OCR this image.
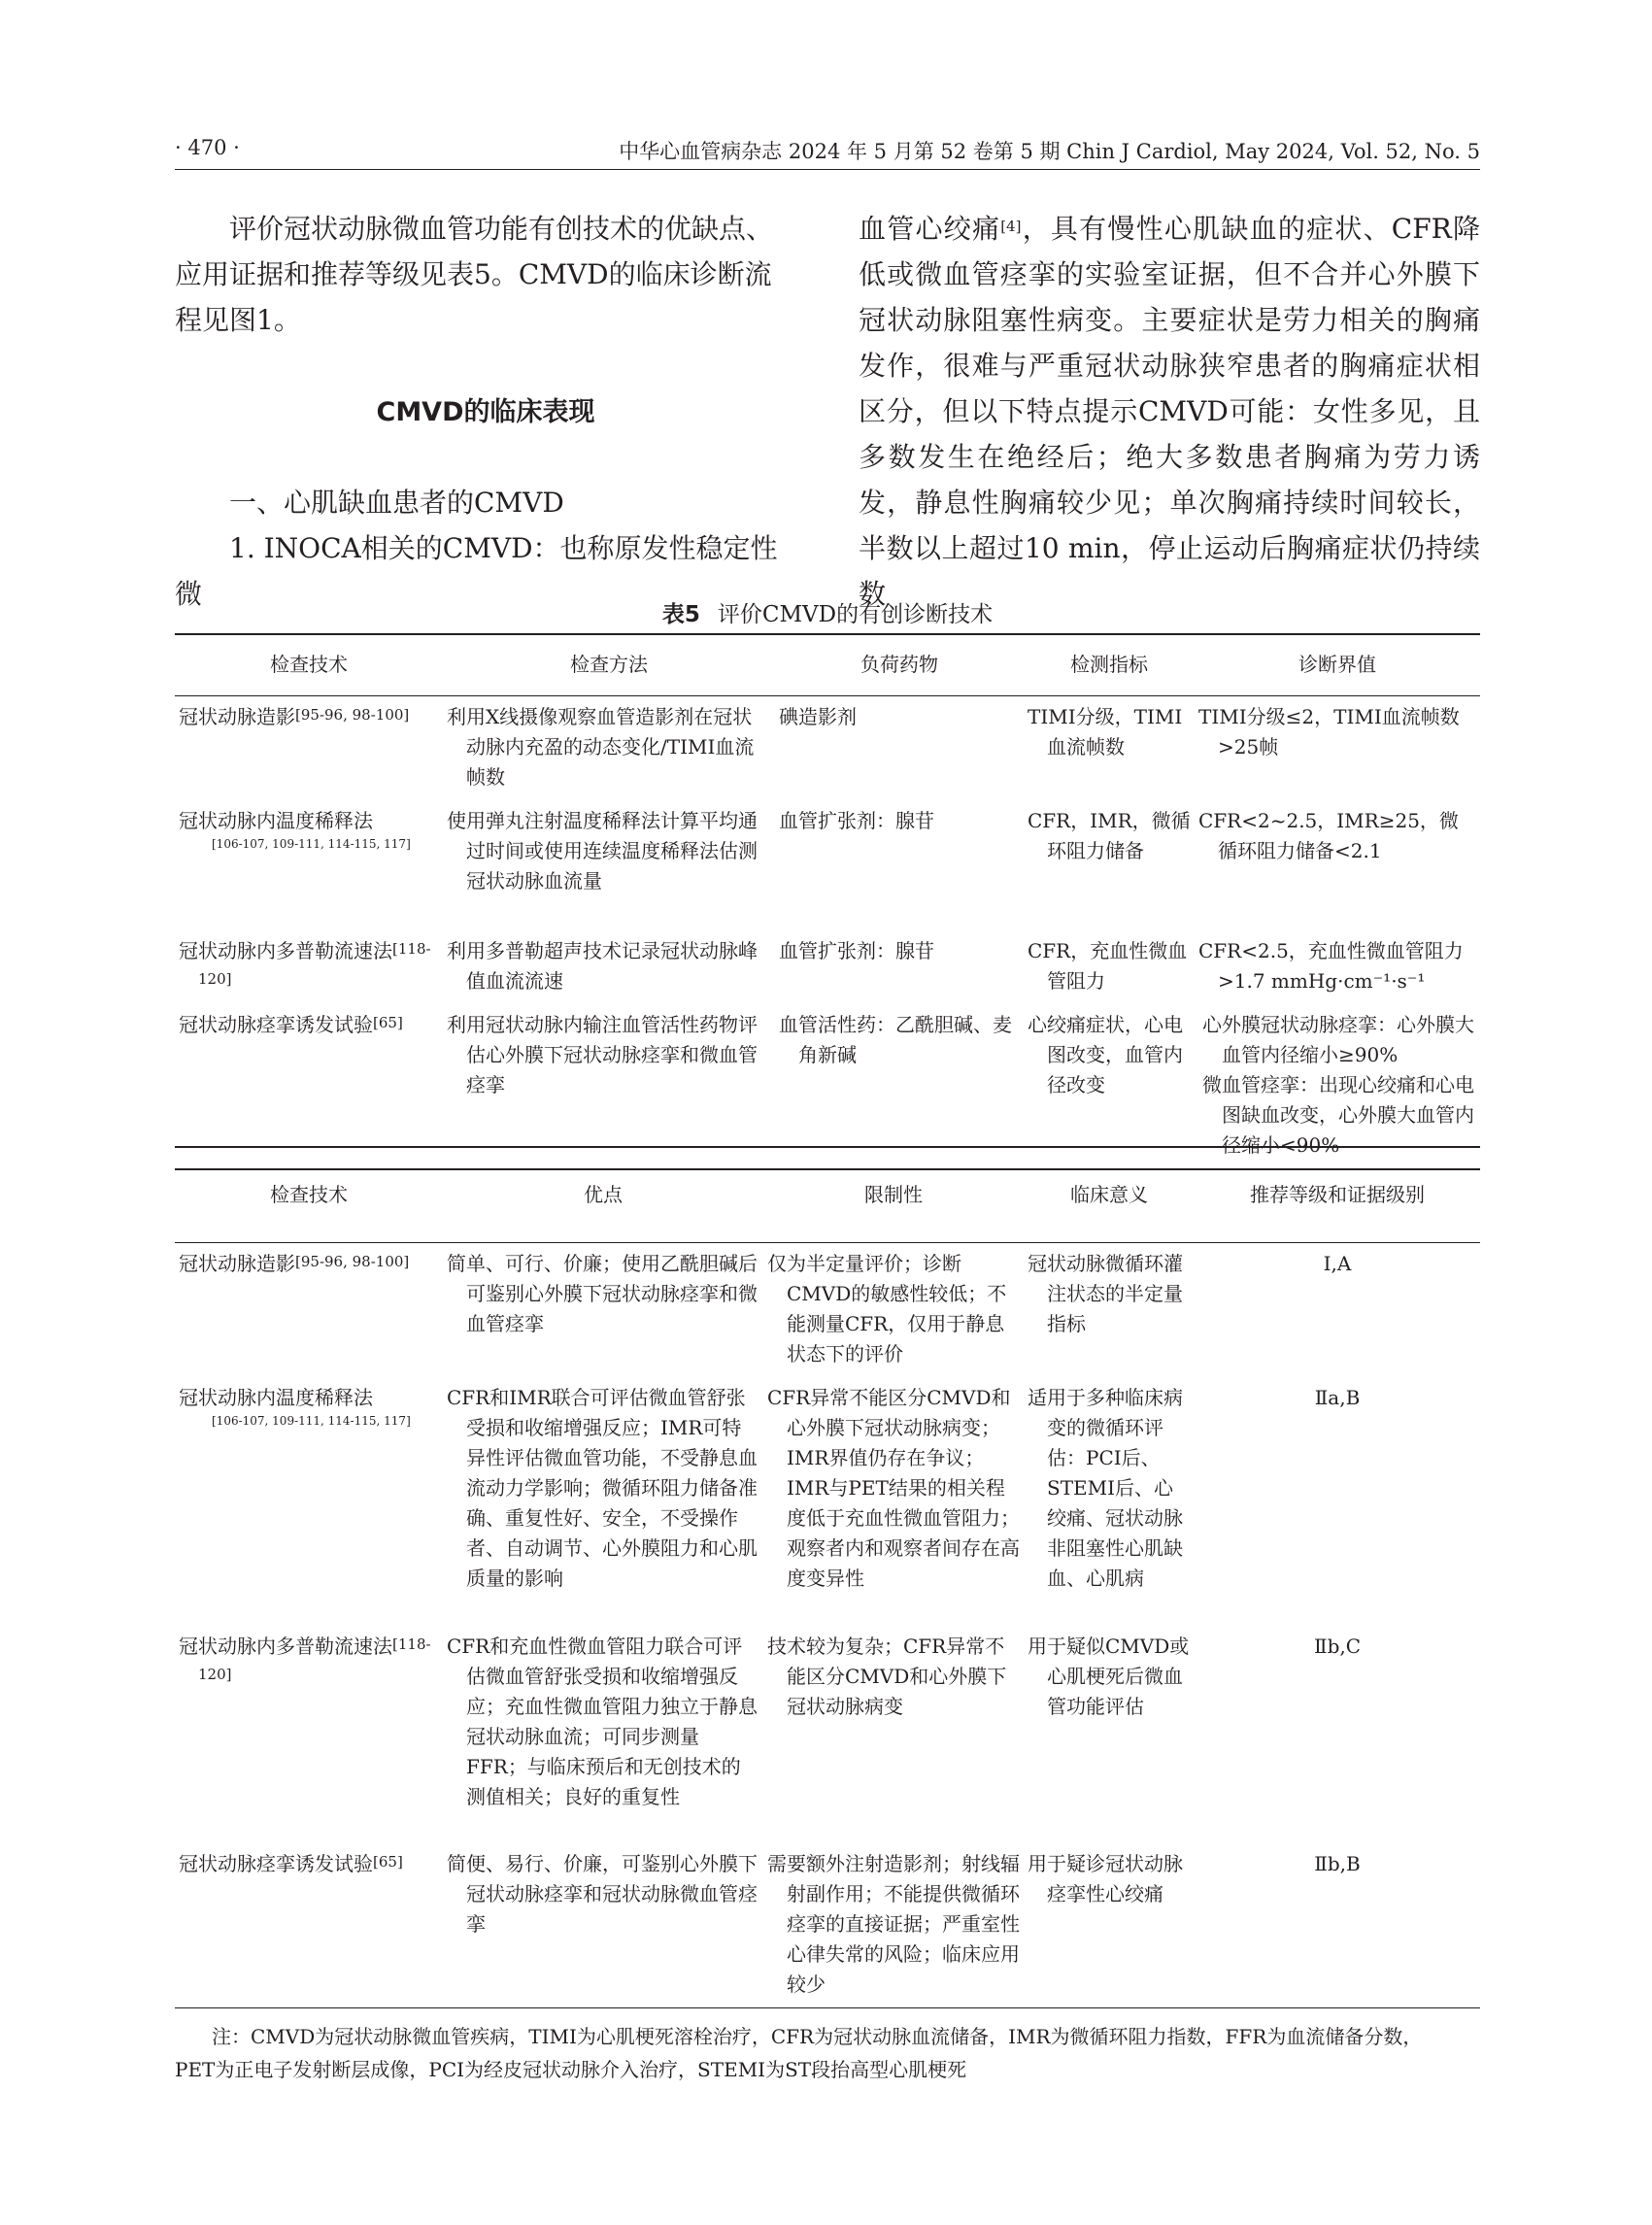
· 470 ·	中华心血管病杂志 2024 年 5 月第 52 卷第 5 期 Chin J Cardiol, May 2024, Vol. 52, No. 5

评价冠状动脉微血管功能有创技术的优缺点、应用证据和推荐等级见表5。CMVD的临床诊断流程见图1。

CMVD的临床表现

一、心肌缺血患者的CMVD

1. INOCA相关的CMVD：也称原发性稳定性微

血管心绞痛[4]，具有慢性心肌缺血的症状、CFR降低或微血管痉挛的实验室证据，但不合并心外膜下冠状动脉阻塞性病变。主要症状是劳力相关的胸痛发作，很难与严重冠状动脉狭窄患者的胸痛症状相区分，但以下特点提示CMVD可能：女性多见，且多数发生在绝经后；绝大多数患者胸痛为劳力诱发，静息性胸痛较少见；单次胸痛持续时间较长，半数以上超过10 min，停止运动后胸痛症状仍持续数

表5 评价CMVD的有创诊断技术
检查技术	检查方法	负荷药物	检测指标	诊断界值
冠状动脉造影[95-96, 98-100]	利用X线摄像观察血管造影剂在冠状动脉内充盈的动态变化/TIMI血流帧数	碘造影剂	TIMI分级，TIMI血流帧数	TIMI分级≤2，TIMI血流帧数>25帧
冠状动脉内温度稀释法
[106-107, 109-111, 114-115, 117]	使用弹丸注射温度稀释法计算平均通过时间或使用连续温度稀释法估测冠状动脉血流量	血管扩张剂：腺苷	CFR，IMR，微循环阻力储备	CFR<2~2.5，IMR≥25，微循环阻力储备<2.1
冠状动脉内多普勒流速法[118-120]	利用多普勒超声技术记录冠状动脉峰值血流流速	血管扩张剂：腺苷	CFR，充血性微血管阻力	CFR<2.5，充血性微血管阻力>1.7 mmHg·cm⁻¹·s⁻¹
冠状动脉痉挛诱发试验[65]	利用冠状动脉内输注血管活性药物评估心外膜下冠状动脉痉挛和微血管痉挛	血管活性药：乙酰胆碱、麦角新碱	心绞痛症状，心电图改变，血管内径改变	心外膜冠状动脉痉挛：心外膜大血管内径缩小≥90%
微血管痉挛：出现心绞痛和心电图缺血改变，心外膜大血管内径缩小<90%
检查技术	优点	限制性	临床意义	推荐等级和证据级别
冠状动脉造影[95-96, 98-100]	简单、可行、价廉；使用乙酰胆碱后可鉴别心外膜下冠状动脉痉挛和微血管痉挛	仅为半定量评价；诊断CMVD的敏感性较低；不能测量CFR，仅用于静息状态下的评价	冠状动脉微循环灌注状态的半定量指标	Ⅰ,A
冠状动脉内温度稀释法
[106-107, 109-111, 114-115, 117]	CFR和IMR联合可评估微血管舒张受损和收缩增强反应；IMR可特异性评估微血管功能，不受静息血流动力学影响；微循环阻力储备准确、重复性好、安全，不受操作者、自动调节、心外膜阻力和心肌质量的影响	CFR异常不能区分CMVD和心外膜下冠状动脉病变；IMR界值仍存在争议；IMR与PET结果的相关程度低于充血性微血管阻力；观察者内和观察者间存在高度变异性	适用于多种临床病变的微循环评估：PCI后、STEMI后、心绞痛、冠状动脉非阻塞性心肌缺血、心肌病	Ⅱa,B
冠状动脉内多普勒流速法[118-120]	CFR和充血性微血管阻力联合可评估微血管舒张受损和收缩增强反应；充血性微血管阻力独立于静息冠状动脉血流；可同步测量FFR；与临床预后和无创技术的测值相关；良好的重复性	技术较为复杂；CFR异常不能区分CMVD和心外膜下冠状动脉病变	用于疑似CMVD或心肌梗死后微血管功能评估	Ⅱb,C
冠状动脉痉挛诱发试验[65]	简便、易行、价廉，可鉴别心外膜下冠状动脉痉挛和冠状动脉微血管痉挛	需要额外注射造影剂；射线辐射副作用；不能提供微循环痉挛的直接证据；严重室性心律失常的风险；临床应用较少	用于疑诊冠状动脉痉挛性心绞痛	Ⅱb,B

注：CMVD为冠状动脉微血管疾病，TIMI为心肌梗死溶栓治疗，CFR为冠状动脉血流储备，IMR为微循环阻力指数，FFR为血流储备分数，

PET为正电子发射断层成像，PCI为经皮冠状动脉介入治疗，STEMI为ST段抬高型心肌梗死
